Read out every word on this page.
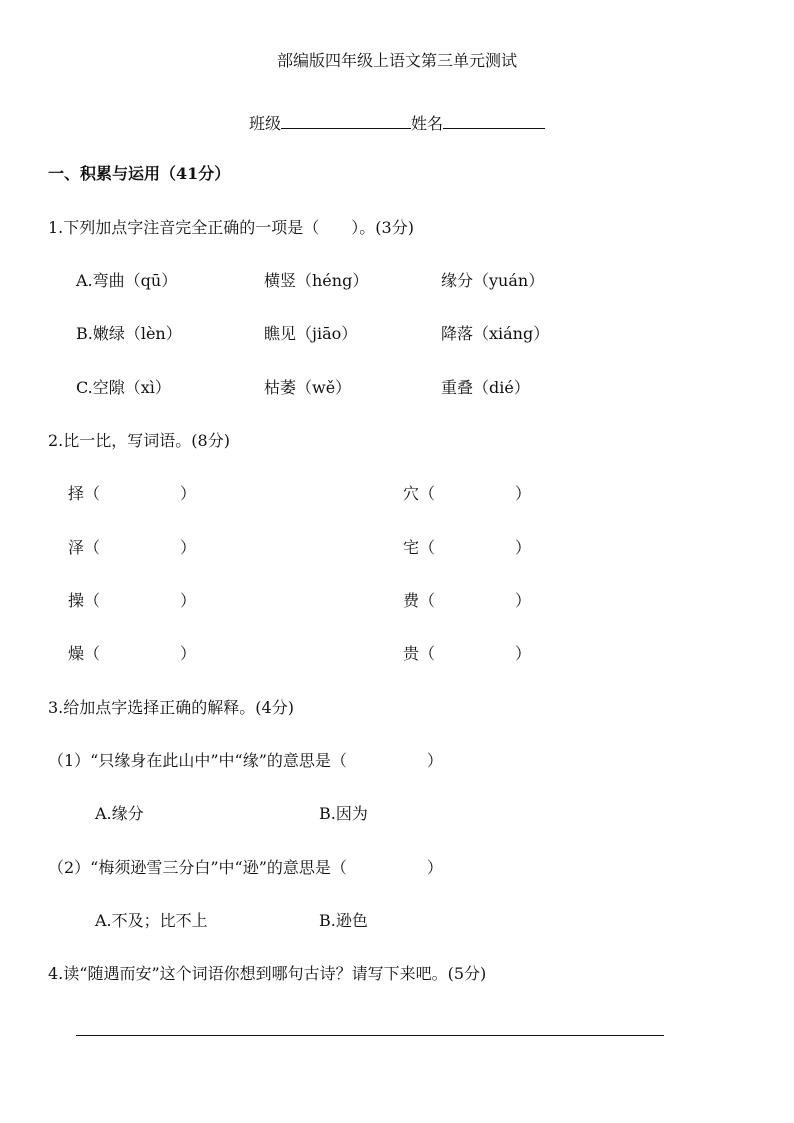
部编版四年级上语文第三单元测试
班级	姓名
一、积累与运用（41分）
1.下列加点字注音完全正确的一项是（　　）。(3分)
A.弯曲（qū）	横竖（héng）	缘分（yuán）
B.嫩绿（lèn）	瞧见（jiāo）	降落（xiáng）
C.空隙（xì）	枯萎（wě）	重叠（dié）
2.比一比，写词语。(8分)
择（　　　　　）	穴（　　　　　）
泽（　　　　　）	宅（　　　　　）
操（　　　　　）	费（　　　　　）
燥（　　　　　）	贵（　　　　　）
3.给加点字选择正确的解释。(4分)
（1）“只缘身在此山中”中“缘”的意思是（　　　　　）
A.缘分	B.因为
（2）“梅须逊雪三分白”中“逊”的意思是（　　　　　）
A.不及；比不上	B.逊色
4.读“随遇而安”这个词语你想到哪句古诗？请写下来吧。(5分)
